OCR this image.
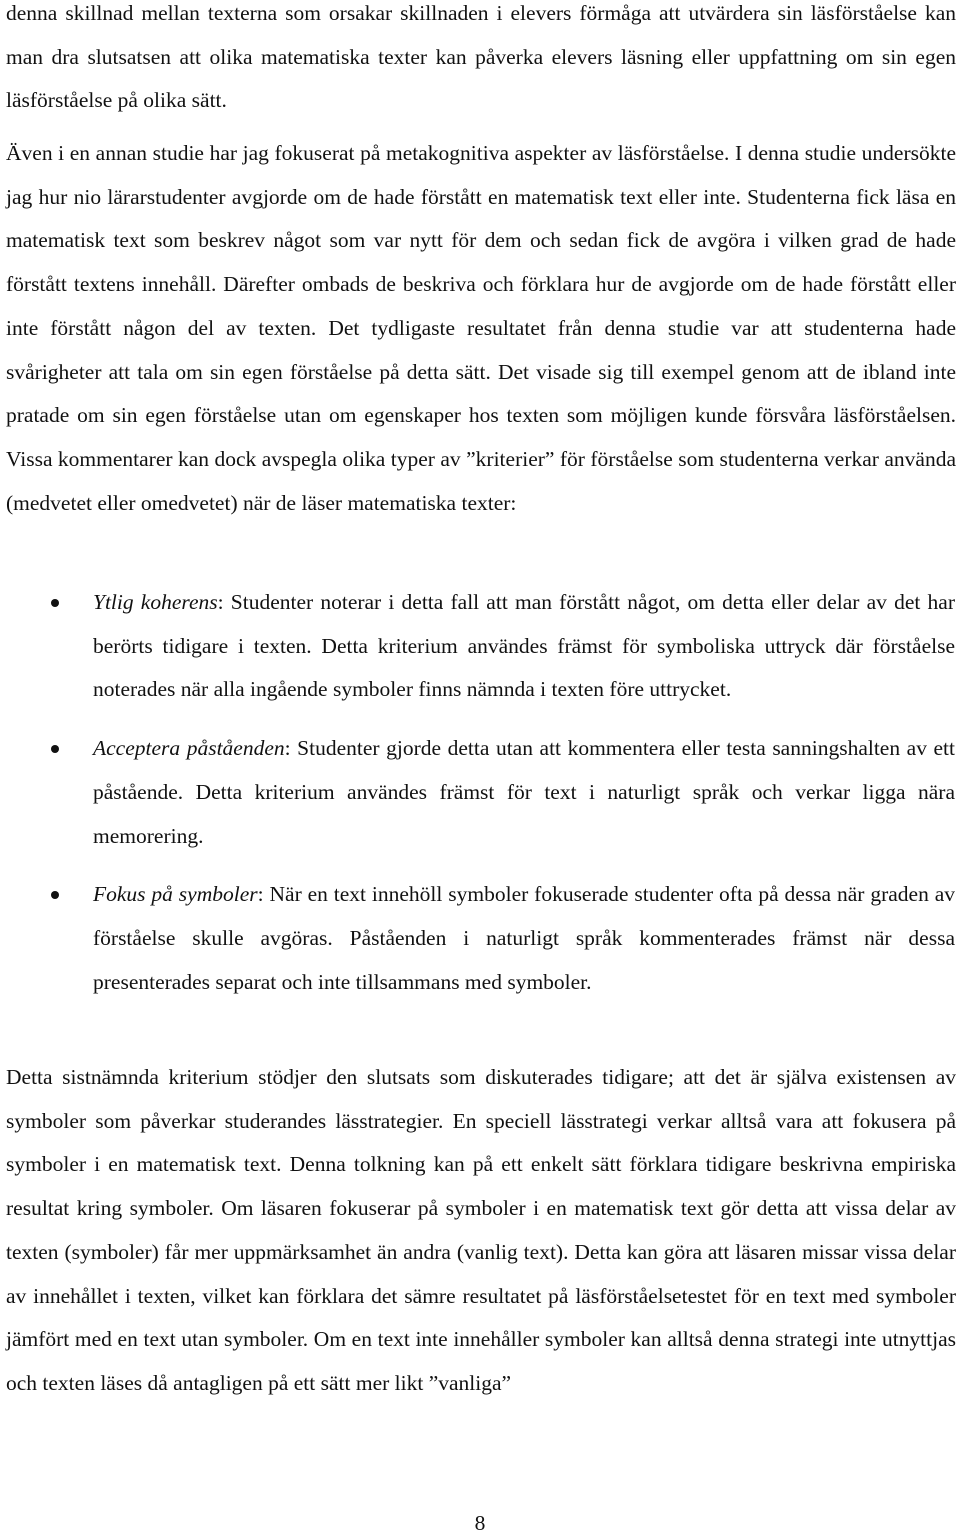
denna skillnad mellan texterna som orsakar skillnaden i elevers förmåga att utvärdera sin läsförståelse kan man dra slutsatsen att olika matematiska texter kan påverka elevers läsning eller uppfattning om sin egen läsförståelse på olika sätt.

Även i en annan studie har jag fokuserat på metakognitiva aspekter av läsförståelse. I denna studie undersökte jag hur nio lärarstudenter avgjorde om de hade förstått en matematisk text eller inte. Studenterna fick läsa en matematisk text som beskrev något som var nytt för dem och sedan fick de avgöra i vilken grad de hade förstått textens innehåll. Därefter ombads de beskriva och förklara hur de avgjorde om de hade förstått eller inte förstått någon del av texten. Det tydligaste resultatet från denna studie var att studenterna hade svårigheter att tala om sin egen förståelse på detta sätt. Det visade sig till exempel genom att de ibland inte pratade om sin egen förståelse utan om egenskaper hos texten som möjligen kunde försvåra läsförståelsen. Vissa kommentarer kan dock avspegla olika typer av ”kriterier” för förståelse som studenterna verkar använda (medvetet eller omedvetet) när de läser matematiska texter:

Ytlig koherens: Studenter noterar i detta fall att man förstått något, om detta eller delar av det har berörts tidigare i texten. Detta kriterium användes främst för symboliska uttryck där förståelse noterades när alla ingående symboler finns nämnda i texten före uttrycket.
Acceptera påståenden: Studenter gjorde detta utan att kommentera eller testa sanningshalten av ett påstående. Detta kriterium användes främst för text i naturligt språk och verkar ligga nära memorering.
Fokus på symboler: När en text innehöll symboler fokuserade studenter ofta på dessa när graden av förståelse skulle avgöras. Påståenden i naturligt språk kommenterades främst när dessa presenterades separat och inte tillsammans med symboler.

Detta sistnämnda kriterium stödjer den slutsats som diskuterades tidigare; att det är själva existensen av symboler som påverkar studerandes lässtrategier. En speciell lässtrategi verkar alltså vara att fokusera på symboler i en matematisk text. Denna tolkning kan på ett enkelt sätt förklara tidigare beskrivna empiriska resultat kring symboler. Om läsaren fokuserar på symboler i en matematisk text gör detta att vissa delar av texten (symboler) får mer uppmärksamhet än andra (vanlig text). Detta kan göra att läsaren missar vissa delar av innehållet i texten, vilket kan förklara det sämre resultatet på läsförståelsetestet för en text med symboler jämfört med en text utan symboler. Om en text inte innehåller symboler kan alltså denna strategi inte utnyttjas och texten läses då antagligen på ett sätt mer likt ”vanliga”

8
